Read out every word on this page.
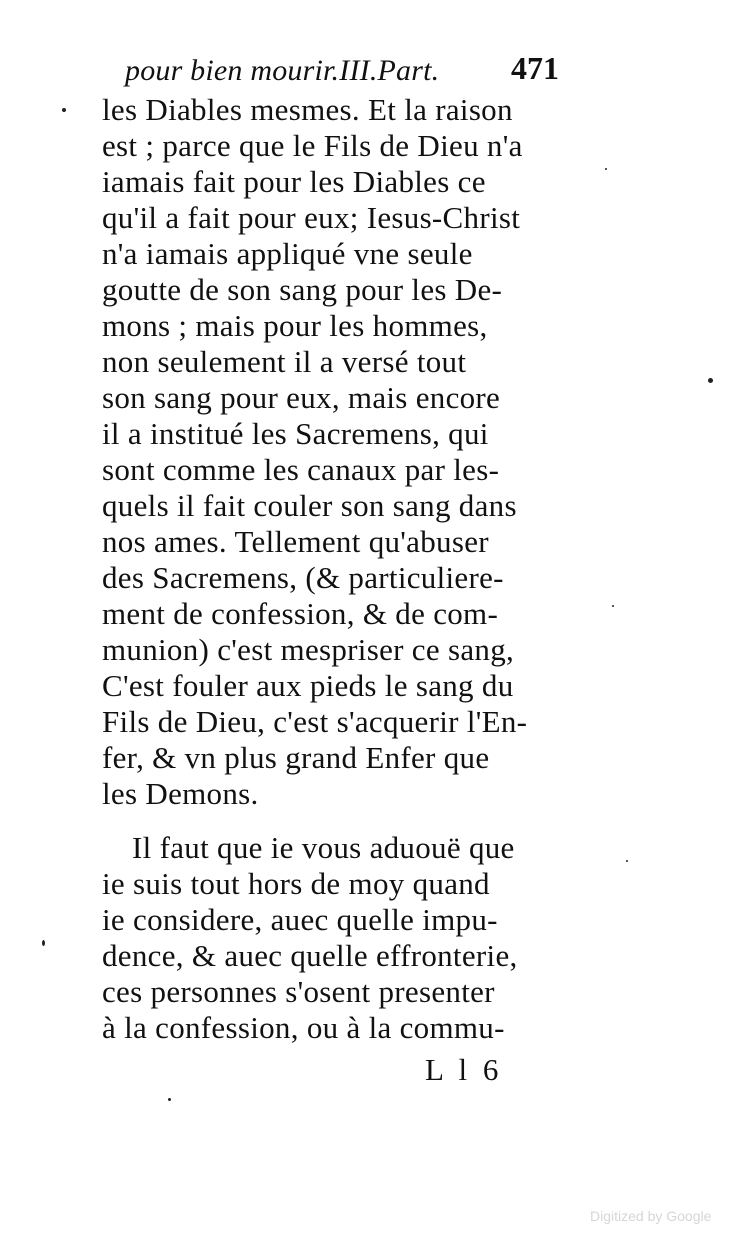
pour bien mourir.III.Part. 471
les Diables mesmes. Et la raison
est ; parce que le Fils de Dieu n'a
iamais fait pour les Diables ce
qu'il a fait pour eux; Iesus-Christ
n'a iamais appliqué vne seule
goutte de son sang pour les De-
mons ; mais pour les hommes,
non seulement il a versé tout
son sang pour eux, mais encore
il a institué les Sacremens, qui
sont comme les canaux par les-
quels il fait couler son sang dans
nos ames. Tellement qu'abuser
des Sacremens, (& particuliere-
ment de confession, & de com-
munion) c'est mespriser ce sang,
C'est fouler aux pieds le sang du
Fils de Dieu, c'est s'acquerir l'En-
fer, & vn plus grand Enfer que
les Demons.
Il faut que ie vous aduouë que
ie suis tout hors de moy quand
ie considere, auec quelle impu-
dence, & auec quelle effronterie,
ces personnes s'osent presenter
à la confession, ou à la commu-
L l 6
Digitized by Google
